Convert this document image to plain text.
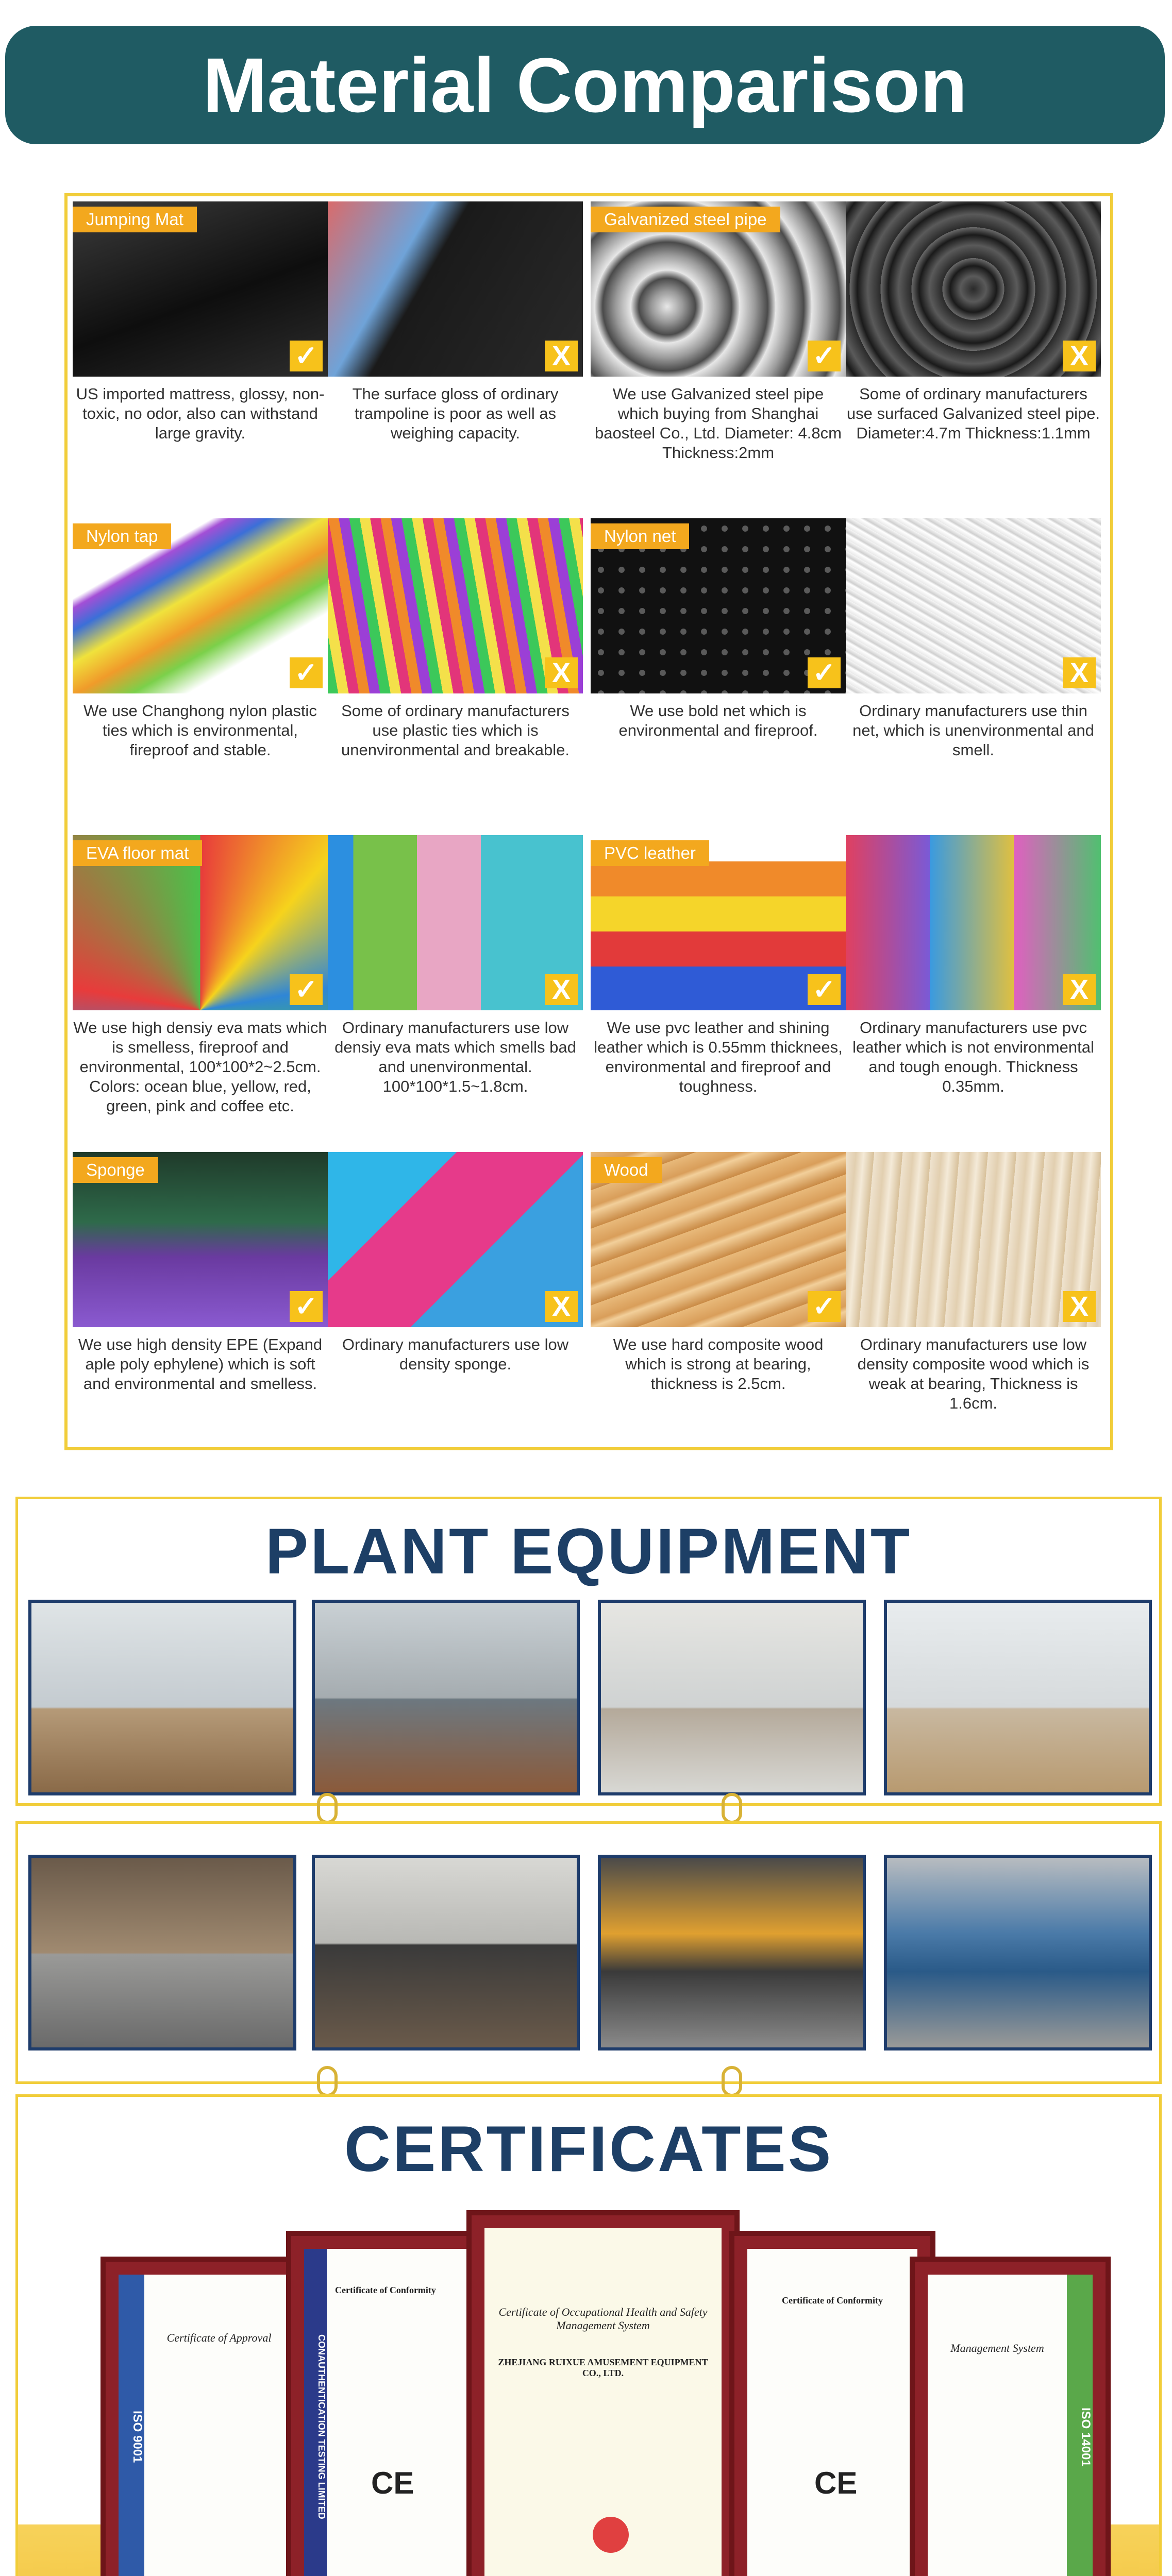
Material Comparison
Jumping Mat
✓
US imported mattress, glossy, non-toxic, no odor, also can withstand large gravity.
X
The surface gloss of ordinary trampoline is poor as well as weighing capacity.
Galvanized steel pipe
✓
We use Galvanized steel pipe which buying from Shanghai baosteel Co., Ltd. Diameter: 4.8cm Thickness:2mm
X
Some of ordinary manufacturers use surfaced Galvanized steel pipe. Diameter:4.7m Thickness:1.1mm
Nylon tap
✓
We use Changhong nylon plastic ties which is environmental, fireproof and stable.
X
Some of ordinary manufacturers use plastic ties which is unenvironmental and breakable.
Nylon net
✓
We use bold net which is environmental and fireproof.
X
Ordinary manufacturers use thin net, which is unenvironmental and smell.
EVA floor mat
✓
We use high densiy eva mats which is smelless, fireproof and environmental, 100*100*2~2.5cm. Colors: ocean blue, yellow, red, green, pink and coffee etc.
X
Ordinary manufacturers use low densiy eva mats which smells bad and unenvironmental. 100*100*1.5~1.8cm.
PVC leather
✓
We use pvc leather and shining leather which is 0.55mm thicknees, environmental and fireproof and toughness.
X
Ordinary manufacturers use pvc leather which is not environmental and tough enough. Thickness 0.35mm.
Sponge
✓
We use high density EPE (Expand aple poly ephylene) which is soft and environmental and smelless.
X
Ordinary manufacturers use low density sponge.
Wood
✓
We use hard composite wood which is strong at bearing, thickness is 2.5cm.
X
Ordinary manufacturers use low density composite wood which is weak at bearing, Thickness is 1.6cm.
PLANT EQUIPMENT
CERTIFICATES
ISO 9001
Certificate of Approval	CONAUTHENTICATION TESTING LIMITED
Certificate of Conformity
CE
Certificate of Occupational Health and Safety Management System
ZHEJIANG RUIXUE AMUSEMENT EQUIPMENT CO., LTD.
Certificate of Conformity
CE
ISO 14001
Management System
